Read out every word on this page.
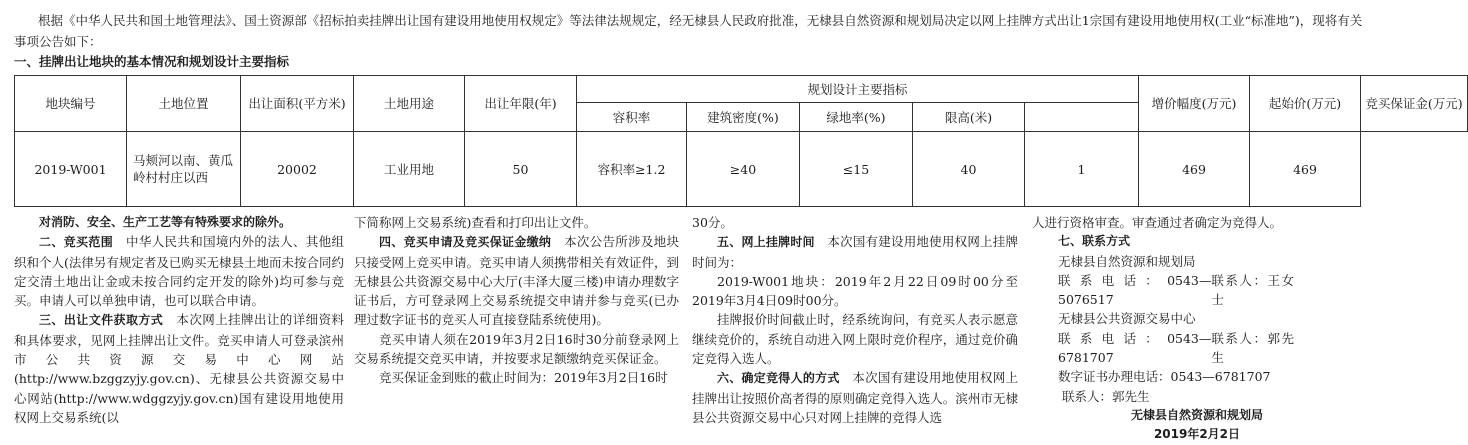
根据《中华人民共和国土地管理法》、国土资源部《招标拍卖挂牌出让国有建设用地使用权规定》等法律法规规定，经无棣县人民政府批准，无棣县自然资源和规划局决定以网上挂牌方式出让1宗国有建设用地使用权(工业“标准地”)，现将有关事项公告如下：

一、挂牌出让地块的基本情况和规划设计主要指标
地块编号	土地位置	出让面积(平方米)	土地用途	出让年限(年)	规划设计主要指标					增价幅度(万元)	起始价(万元)	竞买保证金(万元)
					容积率	建筑密度(%)	绿地率(%)	限高(米)				
2019-W001	马颊河以南、黄瓜岭村村庄以西	20002	工业用地	50	容积率≥1.2	≥40	≤15	40	1	469	469	

对消防、安全、生产工艺等有特殊要求的除外。

二、竞买范围 中华人民共和国境内外的法人、其他组织和个人(法律另有规定者及已购买无棣县土地而未按合同约定交清土地出让金或未按合同约定开发的除外)均可参与竞买。申请人可以单独申请，也可以联合申请。

三、出让文件获取方式 本次网上挂牌出让的详细资料和具体要求，见网上挂牌出让文件。竞买申请人可登录滨州市公共资源交易中心网站(http://www.bzggzyjy.gov.cn)、无棣县公共资源交易中心网站(http://www.wdggzyjy.gov.cn)国有建设用地使用权网上交易系统(以

下简称网上交易系统)查看和打印出让文件。

四、竞买申请及竞买保证金缴纳 本次公告所涉及地块只接受网上竞买申请。竞买申请人须携带相关有效证件，到无棣县公共资源交易中心大厅(丰泽大厦三楼)申请办理数字证书后，方可登录网上交易系统提交申请并参与竞买(已办理过数字证书的竞买人可直接登陆系统使用)。

竞买申请人须在2019年3月2日16时30分前登录网上交易系统提交竞买申请，并按要求足额缴纳竞买保证金。

竞买保证金到账的截止时间为：2019年3月2日16时

30分。

五、网上挂牌时间 本次国有建设用地使用权网上挂牌时间为：

2019-W001地块：2019年2月22日09时00分至2019年3月4日09时00分。

挂牌报价时间截止时，经系统询问，有竞买人表示愿意继续竞价的，系统自动进入网上限时竞价程序，通过竞价确定竞得入选人。

六、确定竞得人的方式 本次国有建设用地使用权网上挂牌出让按照价高者得的原则确定竞得入选人。滨州市无棣县公共资源交易中心只对网上挂牌的竞得人选

人进行资格审查。审查通过者确定为竞得人。

七、联系方式

无棣县自然资源和规划局

联系电话：0543—5076517
联系人：王女士

无棣县公共资源交易中心

联系电话：0543—6781707
联系人：郭先生

数字证书办理电话：0543—6781707

联系人：郭先生

无棣县自然资源和规划局

2019年2月2日
